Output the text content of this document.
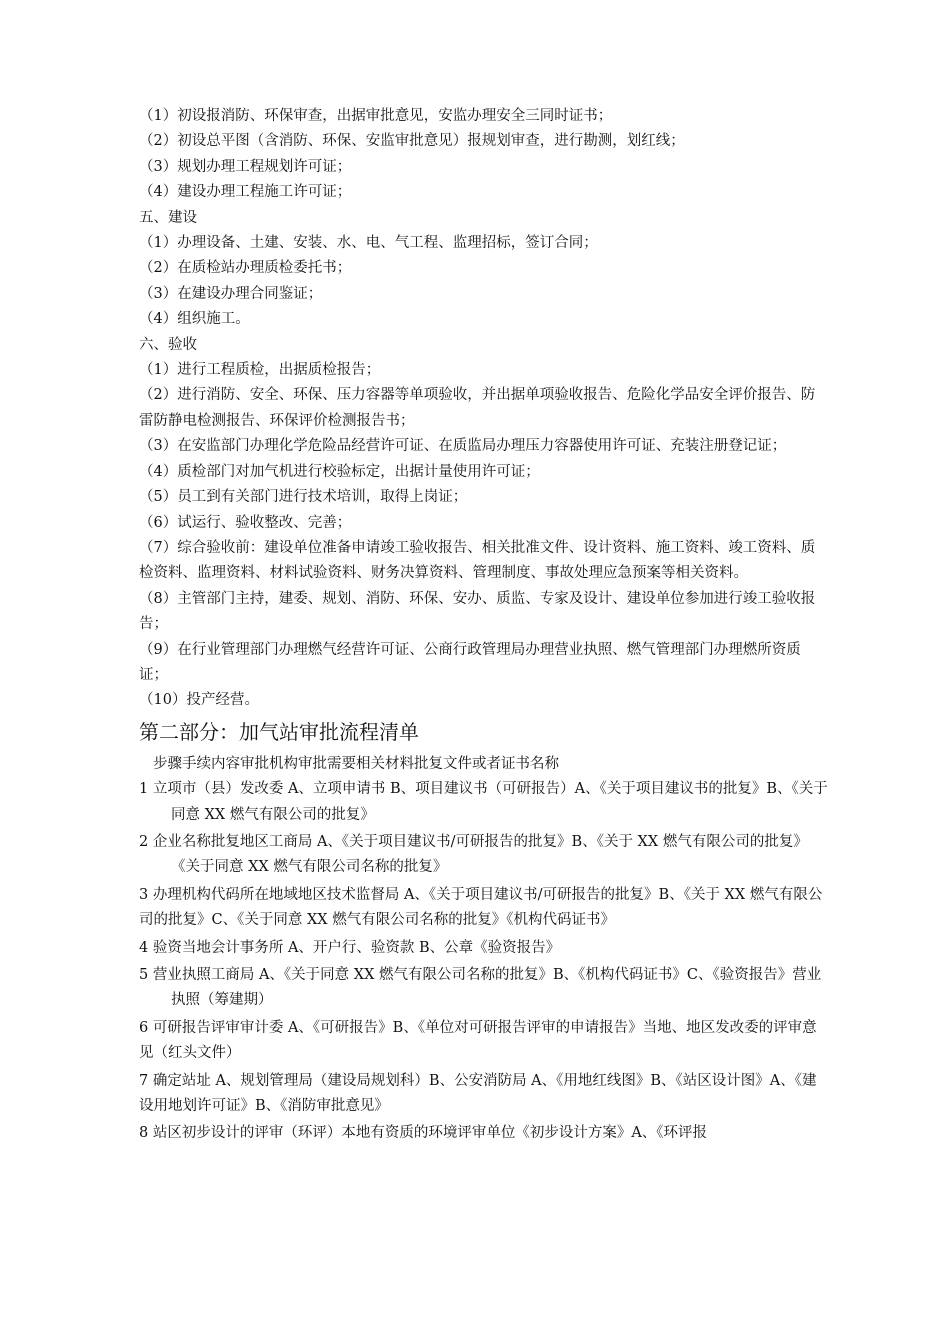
（1）初设报消防、环保审查，出据审批意见，安监办理安全三同时证书；
（2）初设总平图（含消防、环保、安监审批意见）报规划审查，进行勘测，划红线；
（3）规划办理工程规划许可证；
（4）建设办理工程施工许可证；
五、建设
（1）办理设备、土建、安装、水、电、气工程、监理招标，签订合同；
（2）在质检站办理质检委托书；
（3）在建设办理合同鉴证；
（4）组织施工。
六、验收
（1）进行工程质检，出据质检报告；
（2）进行消防、安全、环保、压力容器等单项验收，并出据单项验收报告、危险化学品安全评价报告、防雷防静电检测报告、环保评价检测报告书；
（3）在安监部门办理化学危险品经营许可证、在质监局办理压力容器使用许可证、充装注册登记证；
（4）质检部门对加气机进行校验标定，出据计量使用许可证；
（5）员工到有关部门进行技术培训，取得上岗证；
（6）试运行、验收整改、完善；
（7）综合验收前：建设单位准备申请竣工验收报告、相关批准文件、设计资料、施工资料、竣工资料、质检资料、监理资料、材料试验资料、财务决算资料、管理制度、事故处理应急预案等相关资料。
（8）主管部门主持，建委、规划、消防、环保、安办、质监、专家及设计、建设单位参加进行竣工验收报告；
（9）在行业管理部门办理燃气经营许可证、公商行政管理局办理营业执照、燃气管理部门办理燃所资质证；
（10）投产经营。
第二部分：加气站审批流程清单
步骤手续内容审批机构审批需要相关材料批复文件或者证书名称
1 立项市（县）发改委 A、立项申请书 B、项目建议书（可研报告）A、《关于项目建议书的批复》B、《关于同意 XX 燃气有限公司的批复》
2 企业名称批复地区工商局 A、《关于项目建议书/可研报告的批复》B、《关于 XX 燃气有限公司的批复》《关于同意 XX 燃气有限公司名称的批复》
3 办理机构代码所在地域地区技术监督局 A、《关于项目建议书/可研报告的批复》B、《关于 XX 燃气有限公司的批复》C、《关于同意 XX 燃气有限公司名称的批复》《机构代码证书》
4 验资当地会计事务所 A、开户行、验资款 B、公章《验资报告》
5 营业执照工商局 A、《关于同意 XX 燃气有限公司名称的批复》B、《机构代码证书》C、《验资报告》营业执照（筹建期）
6 可研报告评审审计委 A、《可研报告》B、《单位对可研报告评审的申请报告》当地、地区发改委的评审意见（红头文件）
7 确定站址 A、规划管理局（建设局规划科）B、公安消防局 A、《用地红线图》B、《站区设计图》A、《建设用地划许可证》B、《消防审批意见》
8 站区初步设计的评审（环评）本地有资质的环境评审单位《初步设计方案》A、《环评报
